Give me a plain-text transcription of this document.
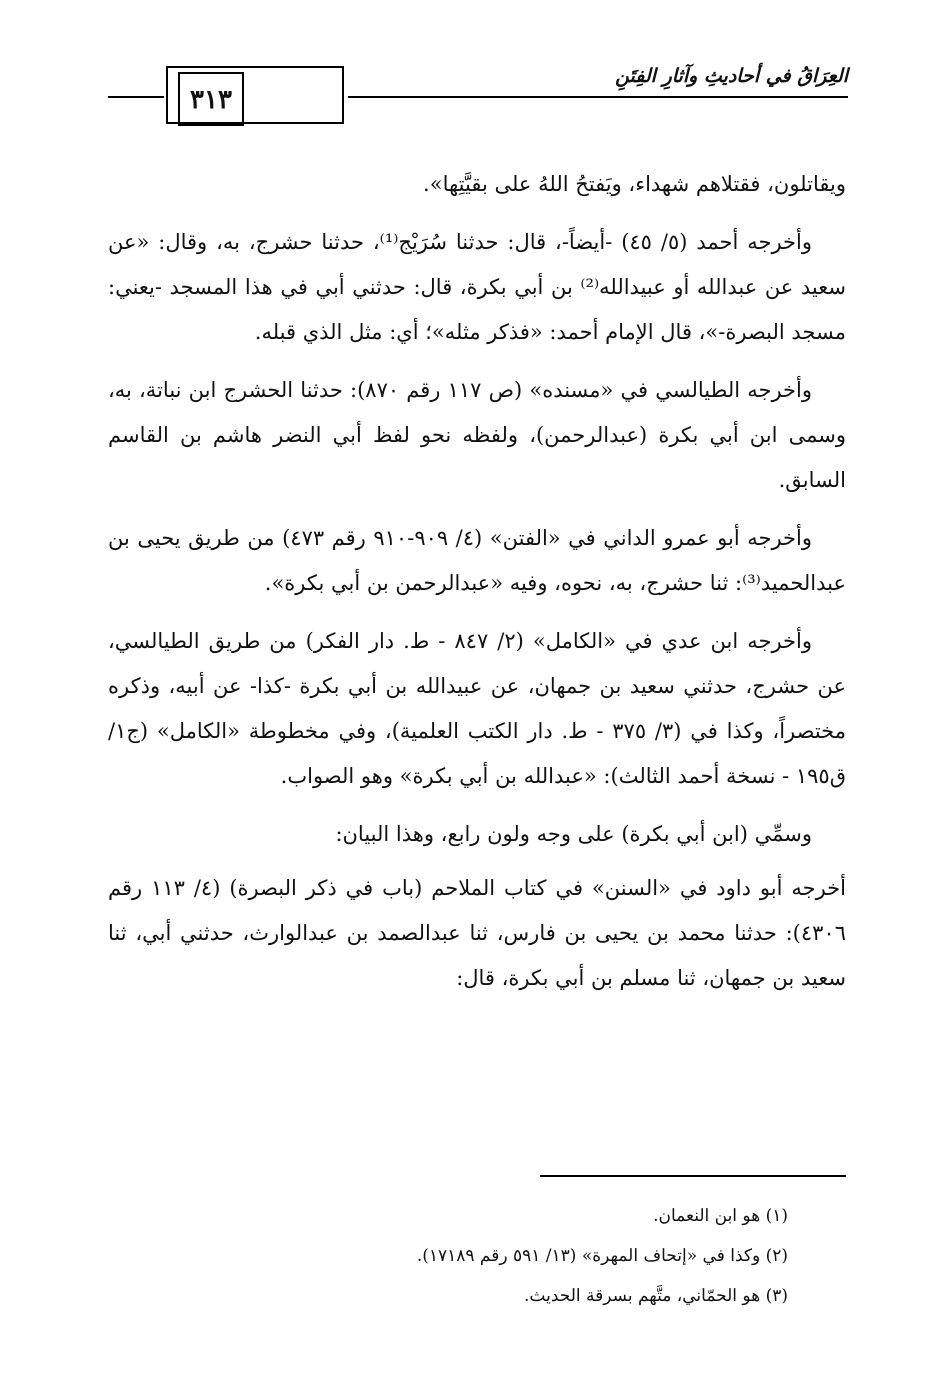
٣١٣
العِرَاقُ في أحاديثِ وآثارِ الفِتَنِ

ويقاتلون، فقتلاهم شهداء، ويَفتحُ اللهُ على بقيَّتِها».

وأخرجه أحمد (٥/ ٤٥) -أيضاً-، قال: حدثنا سُرَيْج⁽¹⁾، حدثنا حشرج، به، وقال: «عن سعيد عن عبدالله أو عبيدالله⁽²⁾ بن أبي بكرة، قال: حدثني أبي في هذا المسجد -يعني: مسجد البصرة-»، قال الإمام أحمد: «فذكر مثله»؛ أي: مثل الذي قبله.

وأخرجه الطيالسي في «مسنده» (ص ١١٧ رقم ٨٧٠): حدثنا الحشرج ابن نباتة، به، وسمى ابن أبي بكرة (عبدالرحمن)، ولفظه نحو لفظ أبي النضر هاشم بن القاسم السابق.

وأخرجه أبو عمرو الداني في «الفتن» (٤/ ٩٠٩-٩١٠ رقم ٤٧٣) من طريق يحيى بن عبدالحميد⁽³⁾: ثنا حشرج، به، نحوه، وفيه «عبدالرحمن بن أبي بكرة».

وأخرجه ابن عدي في «الكامل» (٢/ ٨٤٧ - ط. دار الفكر) من طريق الطيالسي، عن حشرج، حدثني سعيد بن جمهان، عن عبيدالله بن أبي بكرة -كذا- عن أبيه، وذكره مختصراً، وكذا في (٣/ ٣٧٥ - ط. دار الكتب العلمية)، وفي مخطوطة «الكامل» (ج١/ ق١٩٥ - نسخة أحمد الثالث): «عبدالله بن أبي بكرة» وهو الصواب.

وسمِّي (ابن أبي بكرة) على وجه ولون رابع، وهذا البيان:

أخرجه أبو داود في «السنن» في كتاب الملاحم (باب في ذكر البصرة) (٤/ ١١٣ رقم ٤٣٠٦): حدثنا محمد بن يحيى بن فارس، ثنا عبدالصمد بن عبدالوارث، حدثني أبي، ثنا سعيد بن جمهان، ثنا مسلم بن أبي بكرة، قال:

(١) هو ابن النعمان.
(٢) وكذا في «إتحاف المهرة» (١٣/ ٥٩١ رقم ١٧١٨٩).
(٣) هو الحمّاني، متَّهم بسرقة الحديث.
